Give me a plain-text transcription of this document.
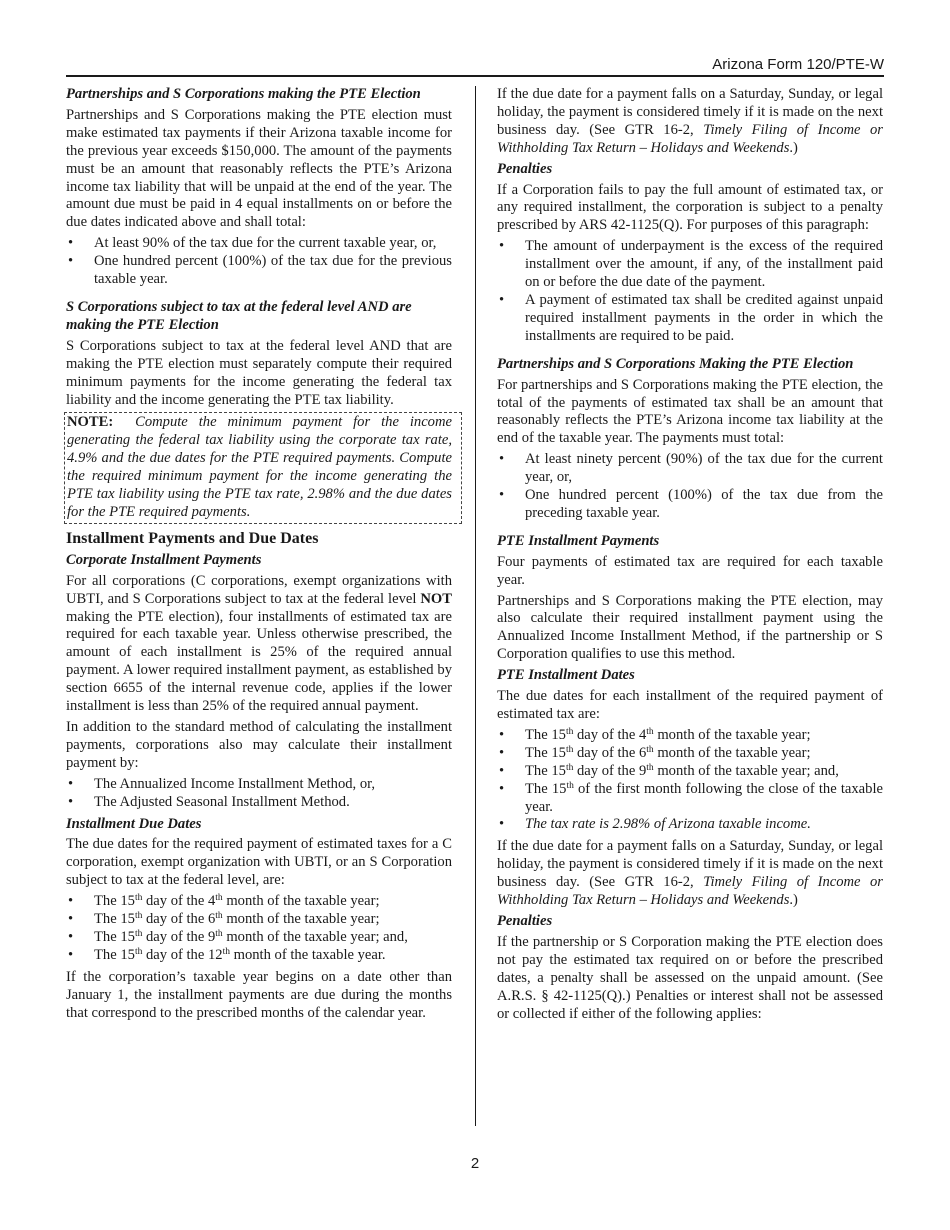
Arizona Form 120/PTE-W
Partnerships and S Corporations making the PTE Election

Partnerships and S Corporations making the PTE election must make estimated tax payments if their Arizona taxable income for the previous year exceeds $150,000. The amount of the payments must be an amount that reasonably reflects the PTE’s Arizona income tax liability that will be unpaid at the end of the year. The amount due must be paid in 4 equal installments on or before the due dates indicated above and shall total:

• At least 90% of the tax due for the current taxable year, or,
• One hundred percent (100%) of the tax due for the previous taxable year.
S Corporations subject to tax at the federal level AND are making the PTE Election

S Corporations subject to tax at the federal level AND that are making the PTE election must separately compute their required minimum payments for the income generating the federal tax liability and the income generating the PTE tax liability.

NOTE: Compute the minimum payment for the income generating the federal tax liability using the corporate tax rate, 4.9% and the due dates for the PTE required payments. Compute the required minimum payment for the income generating the PTE tax liability using the PTE tax rate, 2.98% and the due dates for the PTE required payments.
Installment Payments and Due Dates
Corporate Installment Payments

For all corporations (C corporations, exempt organizations with UBTI, and S Corporations subject to tax at the federal level NOT making the PTE election), four installments of estimated tax are required for each taxable year. Unless otherwise prescribed, the amount of each installment is 25% of the required annual payment. A lower required installment payment, as established by section 6655 of the internal revenue code, applies if the lower installment is less than 25% of the required annual payment.

In addition to the standard method of calculating the installment payments, corporations also may calculate their installment payment by:

• The Annualized Income Installment Method, or,
• The Adjusted Seasonal Installment Method.
Installment Due Dates

The due dates for the required payment of estimated taxes for a C corporation, exempt organization with UBTI, or an S Corporation subject to tax at the federal level, are:

• The 15th day of the 4th month of the taxable year;
• The 15th day of the 6th month of the taxable year;
• The 15th day of the 9th month of the taxable year; and,
• The 15th day of the 12th month of the taxable year.

If the corporation’s taxable year begins on a date other than January 1, the installment payments are due during the months that correspond to the prescribed months of the calendar year.

If the due date for a payment falls on a Saturday, Sunday, or legal holiday, the payment is considered timely if it is made on the next business day. (See GTR 16-2, Timely Filing of Income or Withholding Tax Return – Holidays and Weekends.)

Penalties

If a Corporation fails to pay the full amount of estimated tax, or any required installment, the corporation is subject to a penalty prescribed by ARS 42-1125(Q). For purposes of this paragraph:

• The amount of underpayment is the excess of the required installment over the amount, if any, of the installment paid on or before the due date of the payment.
• A payment of estimated tax shall be credited against unpaid required installment payments in the order in which the installments are required to be paid.
Partnerships and S Corporations Making the PTE Election

For partnerships and S Corporations making the PTE election, the total of the payments of estimated tax shall be an amount that reasonably reflects the PTE’s Arizona income tax liability at the end of the taxable year. The payments must total:

• At least ninety percent (90%) of the tax due for the current year, or,
• One hundred percent (100%) of the tax due from the preceding taxable year.
PTE Installment Payments

Four payments of estimated tax are required for each taxable year.

Partnerships and S Corporations making the PTE election, may also calculate their required installment payment using the Annualized Income Installment Method, if the partnership or S Corporation qualifies to use this method.

PTE Installment Dates

The due dates for each installment of the required payment of estimated tax are:

• The 15th day of the 4th month of the taxable year;
• The 15th day of the 6th month of the taxable year;
• The 15th day of the 9th month of the taxable year; and,
• The 15th of the first month following the close of the taxable year.
• The tax rate is 2.98% of Arizona taxable income.

If the due date for a payment falls on a Saturday, Sunday, or legal holiday, the payment is considered timely if it is made on the next business day. (See GTR 16-2, Timely Filing of Income or Withholding Tax Return – Holidays and Weekends.)

Penalties

If the partnership or S Corporation making the PTE election does not pay the estimated tax required on or before the prescribed dates, a penalty shall be assessed on the unpaid amount. (See A.R.S. § 42-1125(Q).) Penalties or interest shall not be assessed or collected if either of the following applies:

2
